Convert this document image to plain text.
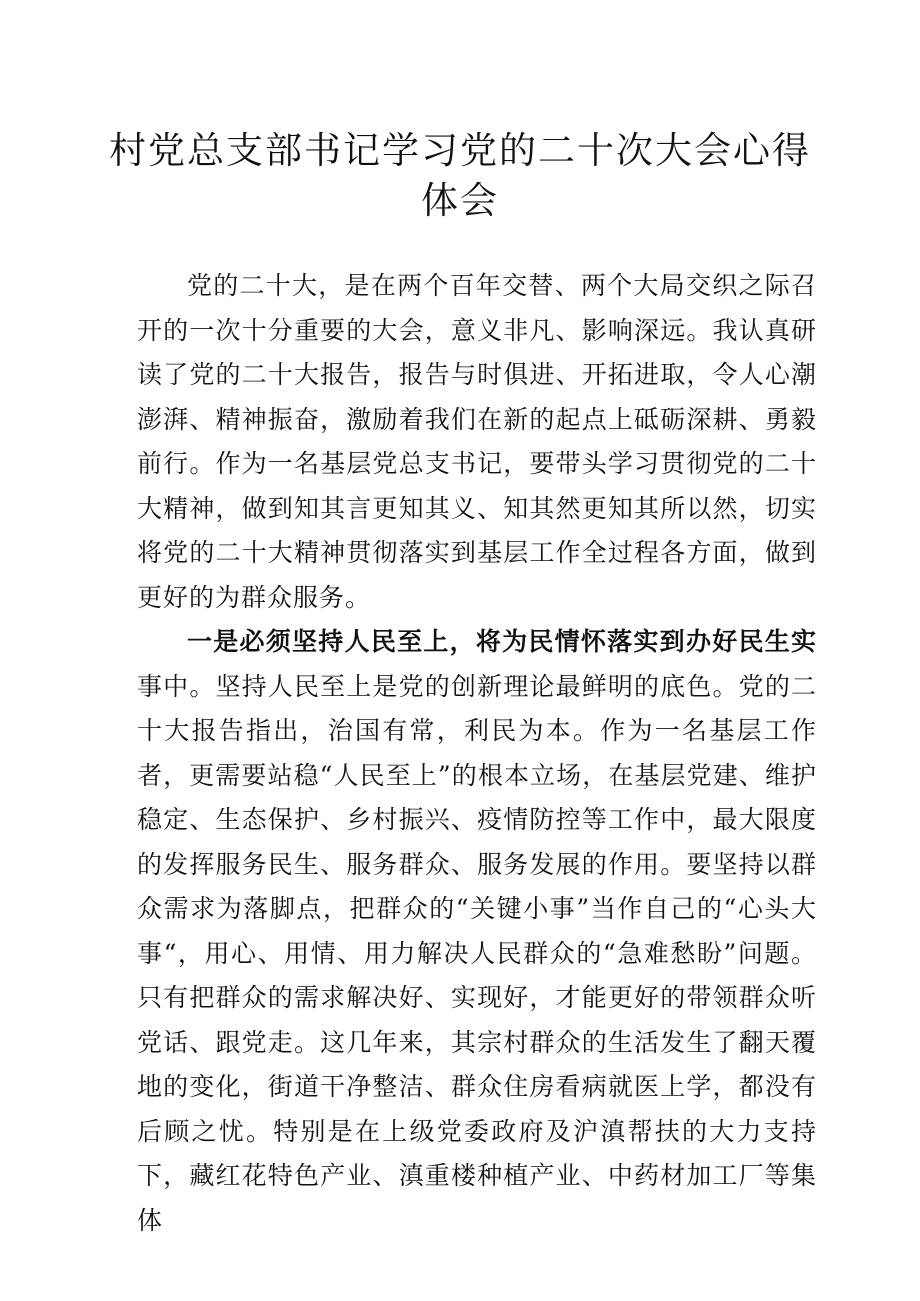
村党总支部书记学习党的二十次大会心得
体会

党的二十大，是在两个百年交替、两个大局交织之际召开的一次十分重要的大会，意义非凡、影响深远。我认真研读了党的二十大报告，报告与时俱进、开拓进取，令人心潮澎湃、精神振奋，激励着我们在新的起点上砥砺深耕、勇毅前行。作为一名基层党总支书记，要带头学习贯彻党的二十大精神，做到知其言更知其义、知其然更知其所以然，切实将党的二十大精神贯彻落实到基层工作全过程各方面，做到更好的为群众服务。

一是必须坚持人民至上，将为民情怀落实到办好民生实事中。坚持人民至上是党的创新理论最鲜明的底色。党的二十大报告指出，治国有常，利民为本。作为一名基层工作者，更需要站稳“人民至上”的根本立场，在基层党建、维护稳定、生态保护、乡村振兴、疫情防控等工作中，最大限度的发挥服务民生、服务群众、服务发展的作用。要坚持以群众需求为落脚点，把群众的“关键小事”当作自己的“心头大事“，用心、用情、用力解决人民群众的“急难愁盼”问题。只有把群众的需求解决好、实现好，才能更好的带领群众听党话、跟党走。这几年来，其宗村群众的生活发生了翻天覆地的变化，街道干净整洁、群众住房看病就医上学，都没有后顾之忧。特别是在上级党委政府及沪滇帮扶的大力支持下，藏红花特色产业、滇重楼种植产业、中药材加工厂等集体
